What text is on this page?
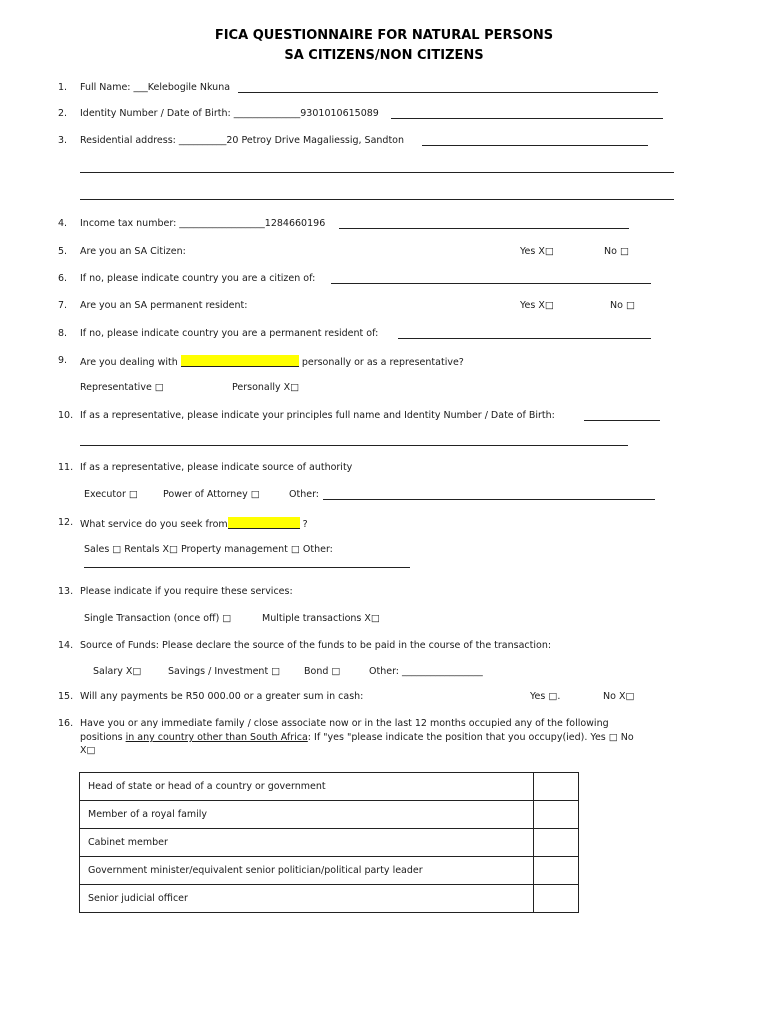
FICA QUESTIONNAIRE FOR NATURAL PERSONS
SA CITIZENS/NON CITIZENS
1. Full Name: ___Kelebogile Nkuna
2. Identity Number / Date of Birth: ______________9301010615089
3. Residential address: __________20 Petroy Drive Magaliessig, Sandton
4. Income tax number: __________________1284660196
5. Are you an SA Citizen:	Yes X□	No □
6. If no, please indicate country you are a citizen of:
7. Are you an SA permanent resident:	Yes X□	No □
8. If no, please indicate country you are a permanent resident of:
9. Are you dealing with	personally or as a representative?
Representative □	Personally X□
10. If as a representative, please indicate your principles full name and Identity Number / Date of Birth:
11. If as a representative, please indicate source of authority
Executor □	Power of Attorney □	Other:
12. What service do you seek from	?
Sales □ Rentals X□ Property management □ Other:
13. Please indicate if you require these services:
Single Transaction (once off) □	Multiple transactions X□
14. Source of Funds: Please declare the source of the funds to be paid in the course of the transaction:
Salary X□	Savings / Investment □	Bond □	Other: _________________
15. Will any payments be R50 000.00 or a greater sum in cash:	Yes □.	No X□
16. Have you or any immediate family / close associate now or in the last 12 months occupied any of the following
positions in any country other than South Africa: If "yes "please indicate the position that you occupy(ied). Yes □ No
X□
Head of state or head of a country or government	
Member of a royal family	
Cabinet member	
Government minister/equivalent senior politician/political party leader	
Senior judicial officer	
